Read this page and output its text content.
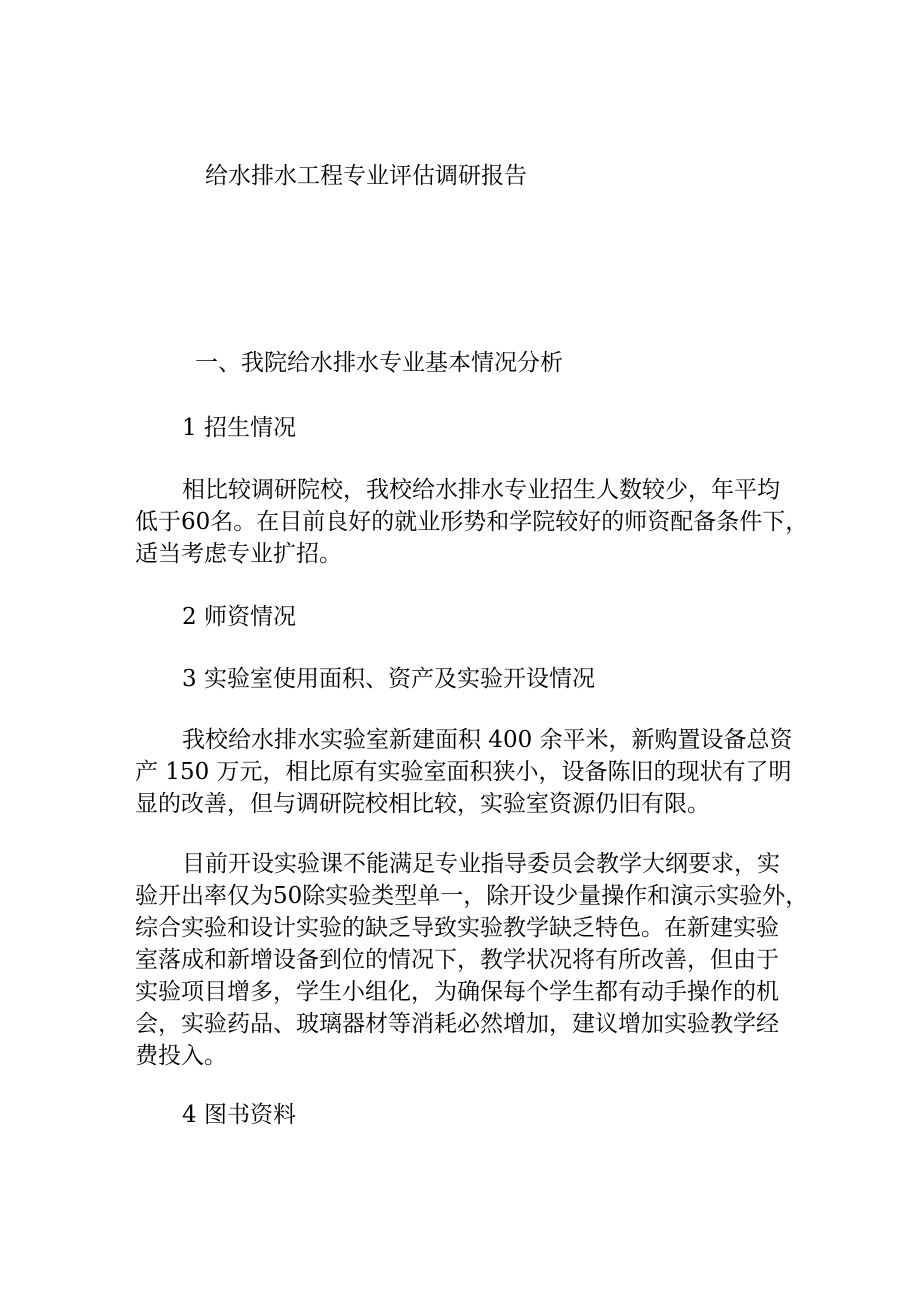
给水排水工程专业评估调研报告
一、我院给水排水专业基本情况分析
1 招生情况
相比较调研院校，我校给水排水专业招生人数较少，年平均
低于60名。在目前良好的就业形势和学院较好的师资配备条件下，
适当考虑专业扩招。
2 师资情况
3 实验室使用面积、资产及实验开设情况
我校给水排水实验室新建面积 400 余平米，新购置设备总资
产 150 万元，相比原有实验室面积狭小，设备陈旧的现状有了明
显的改善，但与调研院校相比较，实验室资源仍旧有限。
目前开设实验课不能满足专业指导委员会教学大纲要求，实
验开出率仅为50除实验类型单一，除开设少量操作和演示实验外，
综合实验和设计实验的缺乏导致实验教学缺乏特色。在新建实验
室落成和新增设备到位的情况下，教学状况将有所改善，但由于
实验项目增多，学生小组化，为确保每个学生都有动手操作的机
会，实验药品、玻璃器材等消耗必然增加，建议增加实验教学经
费投入。
4 图书资料
